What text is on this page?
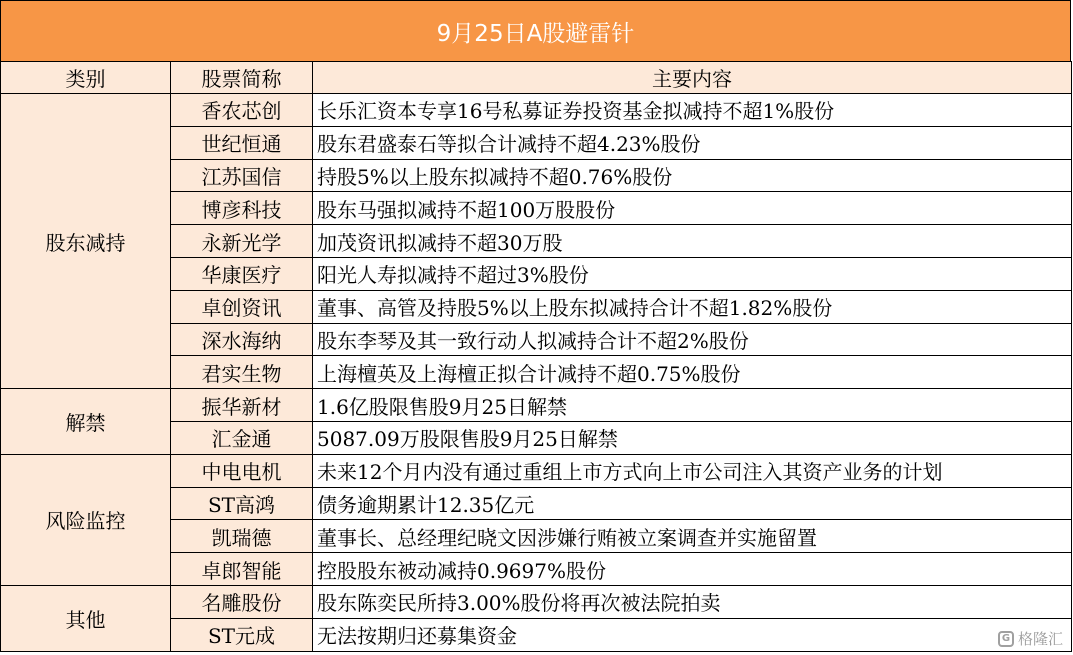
9月25日A股避雷针
类别	股票简称	主要内容
股东减持	香农芯创	长乐汇资本专享16号私募证券投资基金拟减持不超1%股份
	世纪恒通	股东君盛泰石等拟合计减持不超4.23%股份
	江苏国信	持股5%以上股东拟减持不超0.76%股份
	博彦科技	股东马强拟减持不超100万股股份
	永新光学	加茂资讯拟减持不超30万股
	华康医疗	阳光人寿拟减持不超过3%股份
	卓创资讯	董事、高管及持股5%以上股东拟减持合计不超1.82%股份
	深水海纳	股东李琴及其一致行动人拟减持合计不超2%股份
	君实生物	上海檀英及上海檀正拟合计减持不超0.75%股份
解禁	振华新材	1.6亿股限售股9月25日解禁
	汇金通	5087.09万股限售股9月25日解禁
风险监控	中电电机	未来12个月内没有通过重组上市方式向上市公司注入其资产业务的计划
	ST高鸿	债务逾期累计12.35亿元
	凯瑞德	董事长、总经理纪晓文因涉嫌行贿被立案调查并实施留置
	卓郎智能	控股股东被动减持0.9697%股份
其他	名雕股份	股东陈奕民所持3.00%股份将再次被法院拍卖
	ST元成	无法按期归还募集资金	G 格隆汇
